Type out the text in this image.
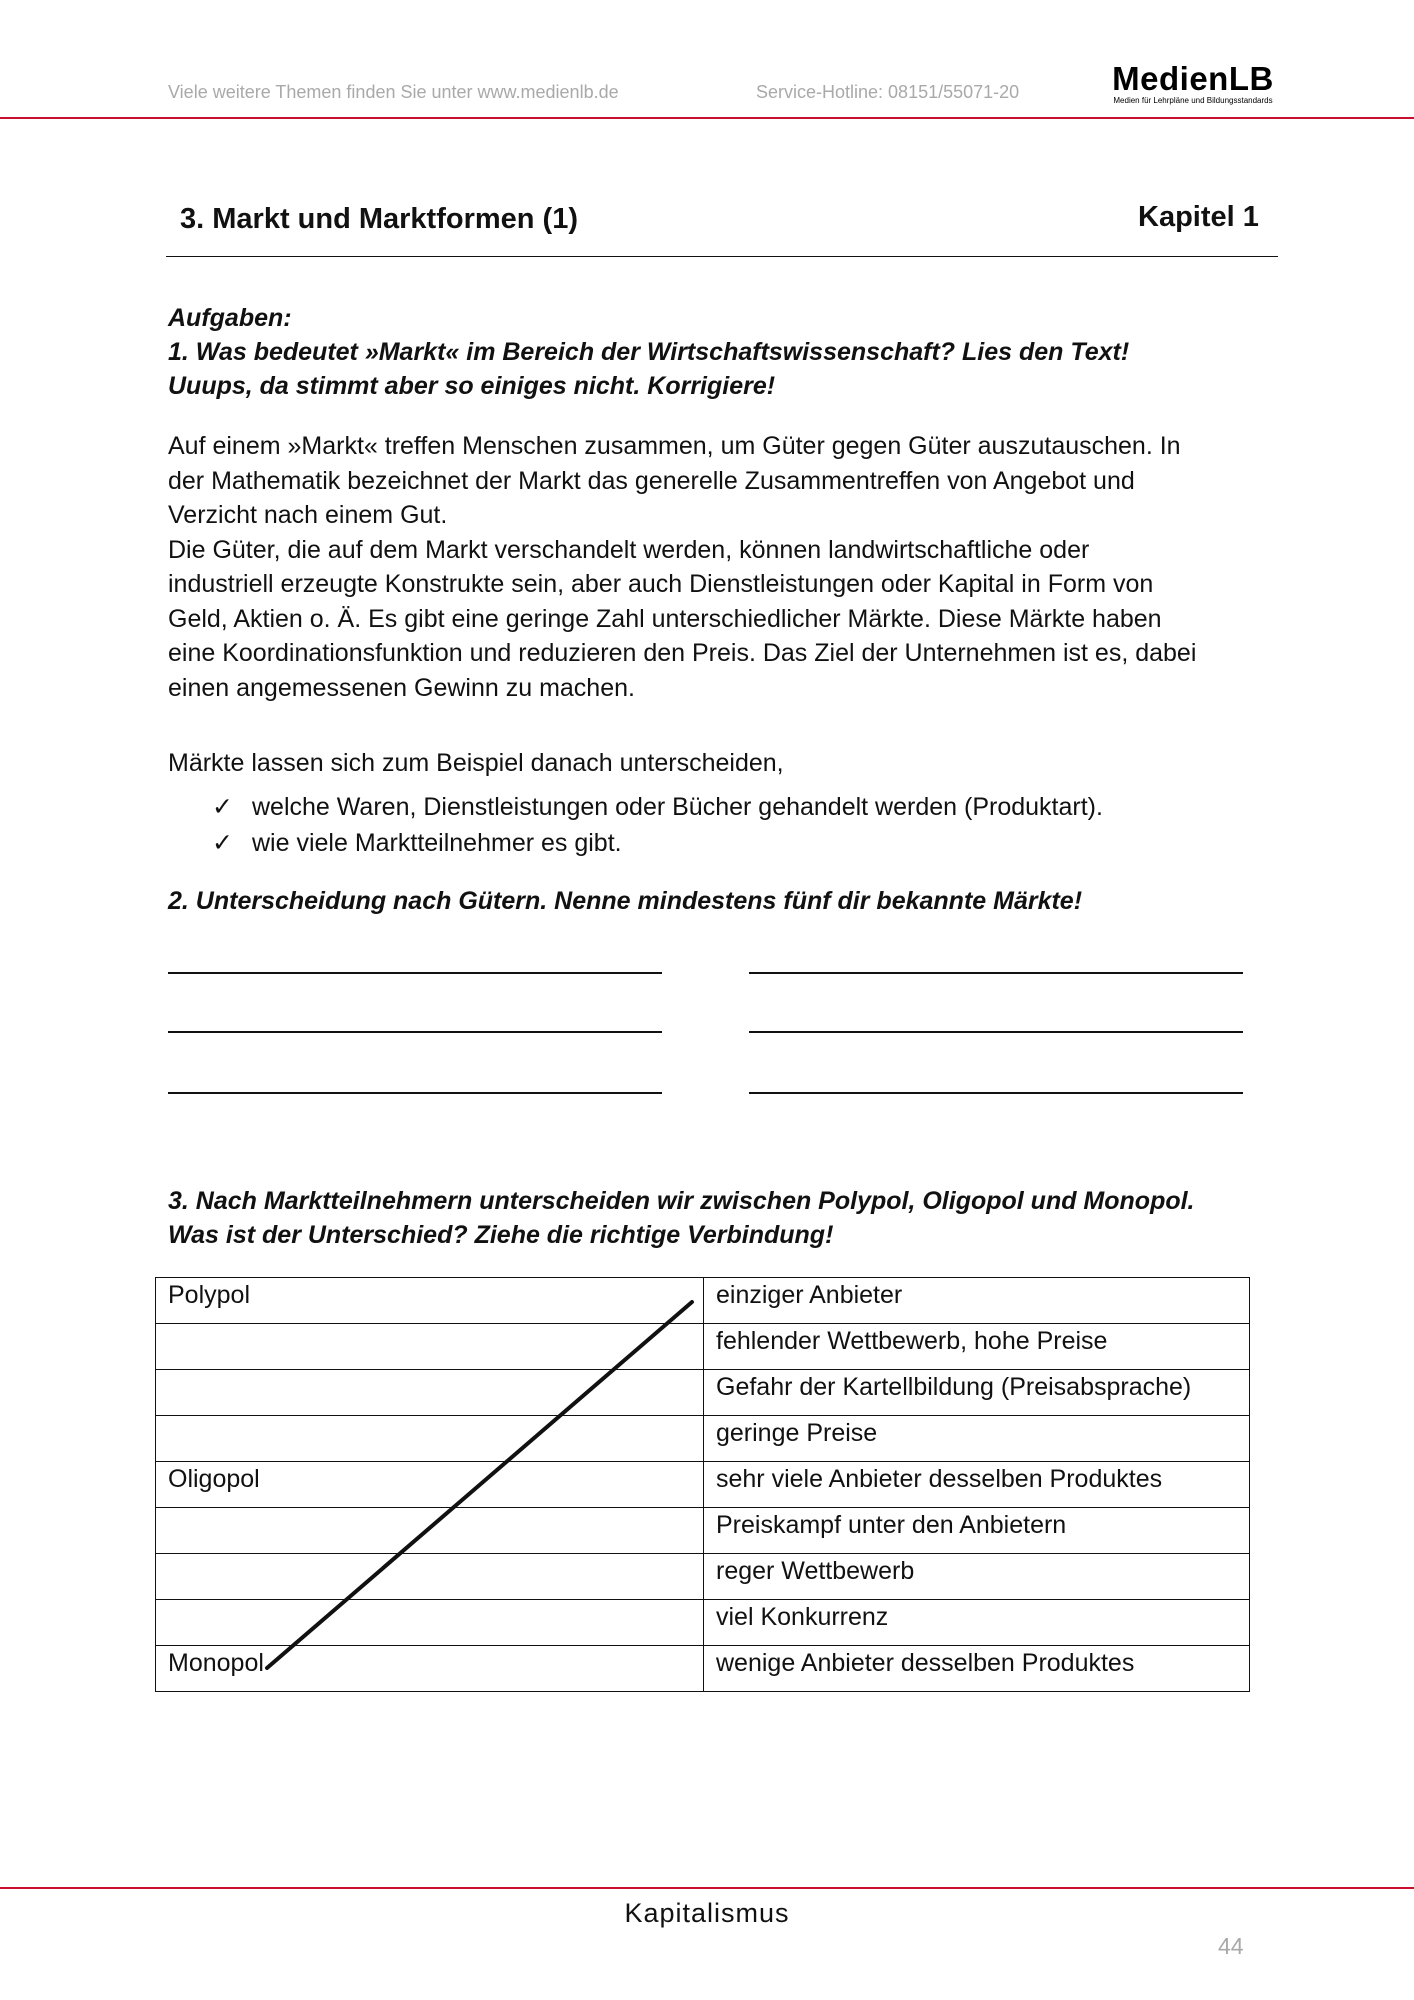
Viele weitere Themen finden Sie unter www.medienlb.de	Service-Hotline: 08151/55071-20	MedienLB
Medien für Lehrpläne und Bildungsstandards
3. Markt und Marktformen (1)	Kapitel 1
Aufgaben:
1. Was bedeutet »Markt« im Bereich der Wirtschaftswissenschaft? Lies den Text!
Uuups, da stimmt aber so einiges nicht. Korrigiere!

Auf einem »Markt« treffen Menschen zusammen, um Güter gegen Güter auszutauschen. In

der Mathematik bezeichnet der Markt das generelle Zusammentreffen von Angebot und

Verzicht nach einem Gut.

Die Güter, die auf dem Markt verschandelt werden, können landwirtschaftliche oder

industriell erzeugte Konstrukte sein, aber auch Dienstleistungen oder Kapital in Form von

Geld, Aktien o. Ä. Es gibt eine geringe Zahl unterschiedlicher Märkte. Diese Märkte haben

eine Koordinationsfunktion und reduzieren den Preis. Das Ziel der Unternehmen ist es, dabei

einen angemessenen Gewinn zu machen.

Märkte lassen sich zum Beispiel danach unterscheiden,
✓ welche Waren, Dienstleistungen oder Bücher gehandelt werden (Produktart).
✓ wie viele Marktteilnehmer es gibt.
2. Unterscheidung nach Gütern. Nenne mindestens fünf dir bekannte Märkte!
3. Nach Marktteilnehmern unterscheiden wir zwischen Polypol, Oligopol und Monopol.
Was ist der Unterschied? Ziehe die richtige Verbindung!
Polypol	einziger Anbieter
	fehlender Wettbewerb, hohe Preise
	Gefahr der Kartellbildung (Preisabsprache)
	geringe Preise
Oligopol	sehr viele Anbieter desselben Produktes
	Preiskampf unter den Anbietern
	reger Wettbewerb
	viel Konkurrenz
Monopol	wenige Anbieter desselben Produktes
Kapitalismus
44
